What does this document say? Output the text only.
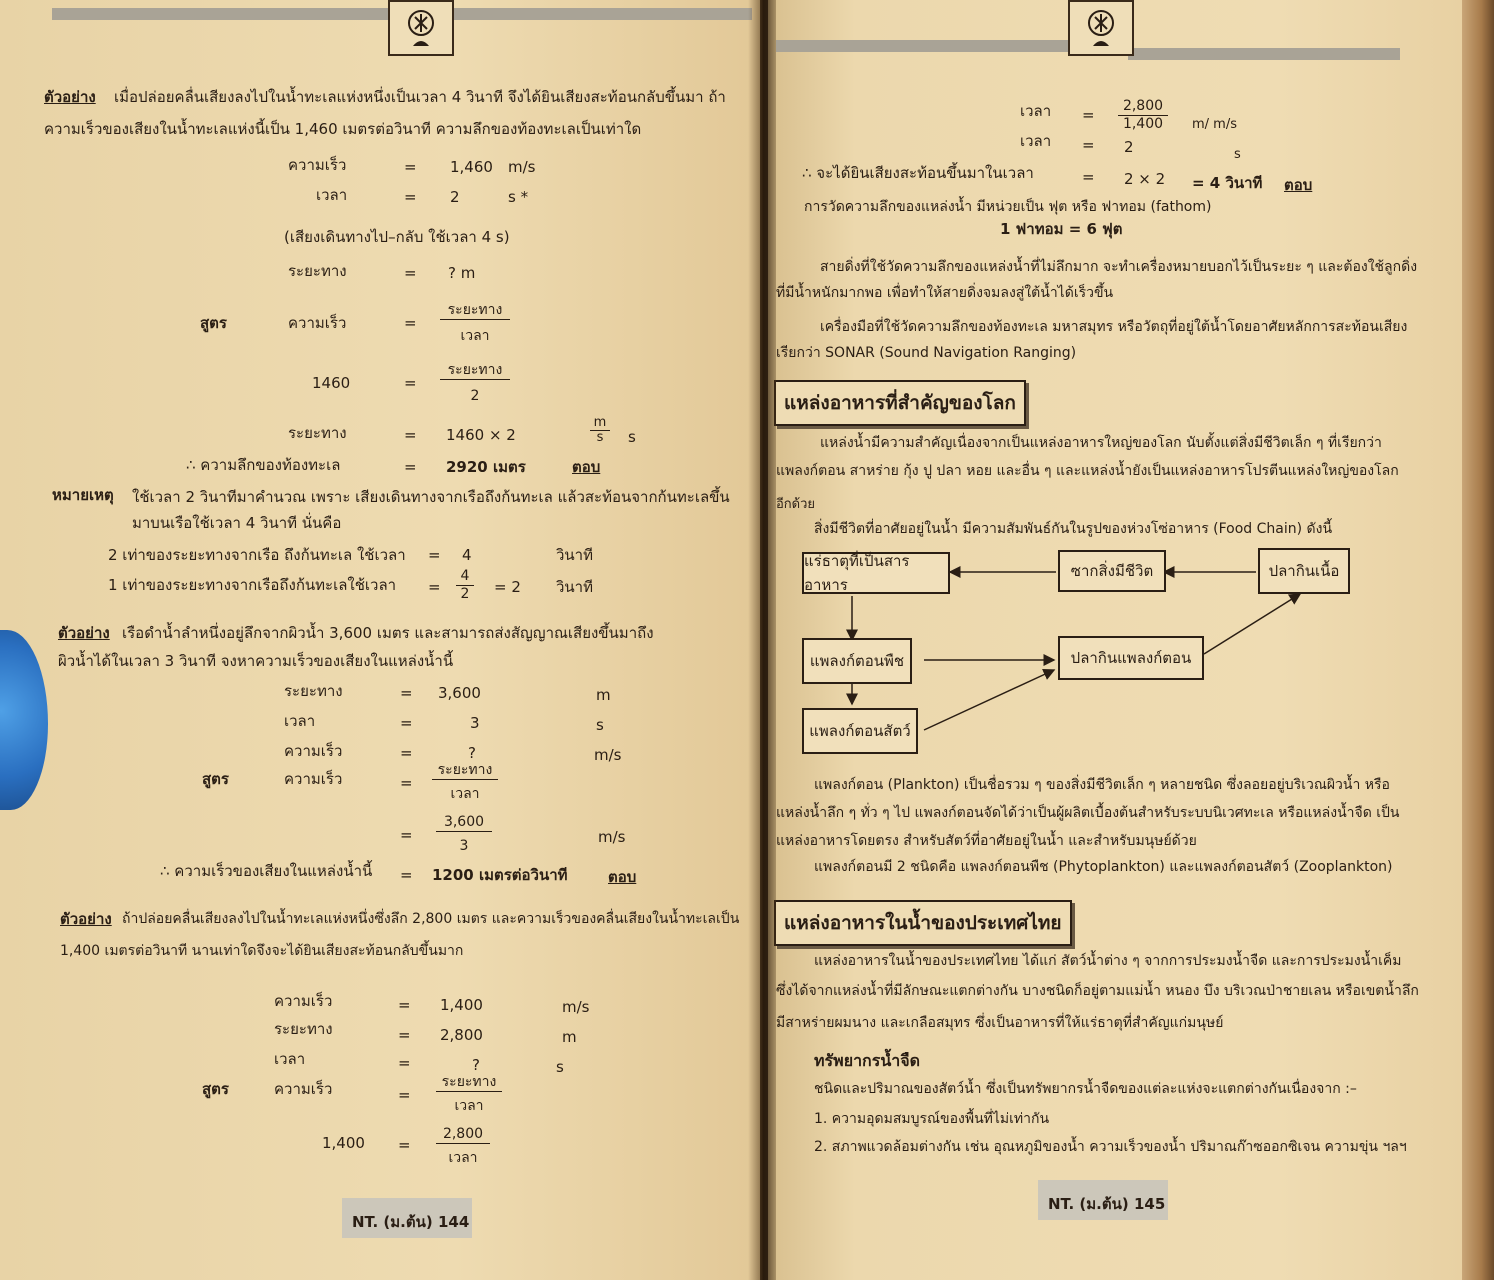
ตัวอย่าง เมื่อปล่อยคลื่นเสียงลงไปในน้ำทะเลแห่งหนึ่งเป็นเวลา 4 วินาที จึงได้ยินเสียงสะท้อนกลับขึ้นมา ถ้า
ความเร็วของเสียงในน้ำทะเลแห่งนี้เป็น 1,460 เมตรต่อวินาที ความลึกของท้องทะเลเป็นเท่าใด
ความเร็ว	= 1,460 m/s
เวลา	= 2	s *
(เสียงเดินทางไป–กลับ ใช้เวลา 4 s)
ระยะทาง	= ? m
สูตร	ความเร็ว	=
ระยะทาง
เวลา
1460	=
ระยะทาง
2
ระยะทาง	= 1460 × 2	$\frac{m}{s}$ s
∴ ความลึกของท้องทะเล	= 2920 เมตร	ตอบ
หมายเหตุ ใช้เวลา 2 วินาทีมาคำนวณ เพราะ เสียงเดินทางจากเรือถึงก้นทะเล แล้วสะท้อนจากก้นทะเลขึ้น
มาบนเรือใช้เวลา 4 วินาที นั่นคือ
2 เท่าของระยะทางจากเรือ ถึงก้นทะเล ใช้เวลา = 4	วินาที
1 เท่าของระยะทางจากเรือถึงก้นทะเลใช้เวลา = $\frac{4}{2} = 2$ วินาที
ตัวอย่าง เรือดำน้ำลำหนึ่งอยู่ลึกจากผิวน้ำ 3,600 เมตร และสามารถส่งสัญญาณเสียงขึ้นมาถึง
ผิวน้ำได้ในเวลา 3 วินาที จงหาความเร็วของเสียงในแหล่งน้ำนี้
ระยะทาง	= 3,600	m
เวลา	=	3	s
ความเร็ว	=	?	m/s
สูตร	ความเร็ว	=
ระยะทาง
เวลา
= $\frac{3,600}{3}$	m/s
∴ ความเร็วของเสียงในแหล่งน้ำนี้ = 1200 เมตรต่อวินาที	ตอบ
ตัวอย่าง ถ้าปล่อยคลื่นเสียงลงไปในน้ำทะเลแห่งหนึ่งซึ่งลึก 2,800 เมตร และความเร็วของคลื่นเสียงในน้ำทะเลเป็น
1,400 เมตรต่อวินาที นานเท่าใดจึงจะได้ยินเสียงสะท้อนกลับขึ้นมาก
ความเร็ว	= 1,400	m/s
ระยะทาง	= 2,800	m
เวลา	=	?	s
สูตร	ความเร็ว	=
ระยะทาง
เวลา
1,400 =
2,800
เวลา
NT. (ม.ต้น) 144
เวลา = $\frac{2,800}{1,400} m/$ m/s
เวลา = 2	s
∴ จะได้ยินเสียงสะท้อนขึ้นมาในเวลา	= 2 × 2 = 4 วินาที ตอบ
การวัดความลึกของแหล่งน้ำ มีหน่วยเป็น ฟุต หรือ ฟาทอม (fathom)
1 ฟาทอม = 6 ฟุต
สายดิ่งที่ใช้วัดความลึกของแหล่งน้ำที่ไม่ลึกมาก จะทำเครื่องหมายบอกไว้เป็นระยะ ๆ และต้องใช้ลูกดิ่ง
ที่มีน้ำหนักมากพอ เพื่อทำให้สายดิ่งจมลงสู่ใต้น้ำได้เร็วขึ้น
เครื่องมือที่ใช้วัดความลึกของท้องทะเล มหาสมุทร หรือวัตถุที่อยู่ใต้น้ำโดยอาศัยหลักการสะท้อนเสียง
เรียกว่า SONAR (Sound Navigation Ranging)
แหล่งอาหารที่สำคัญของโลก
แหล่งน้ำมีความสำคัญเนื่องจากเป็นแหล่งอาหารใหญ่ของโลก นับตั้งแต่สิ่งมีชีวิตเล็ก ๆ ที่เรียกว่า
แพลงก์ตอน สาหร่าย กุ้ง ปู ปลา หอย และอื่น ๆ และแหล่งน้ำยังเป็นแหล่งอาหารโปรตีนแหล่งใหญ่ของโลก
อีกด้วย
สิ่งมีชีวิตที่อาศัยอยู่ในน้ำ มีความสัมพันธ์กันในรูปของห่วงโซ่อาหาร (Food Chain) ดังนี้
แร่ธาตุที่เป็นสารอาหาร
ซากสิ่งมีชีวิต	ปลากินเนื้อ
แพลงก์ตอนพืช	ปลากินแพลงก์ตอน
แพลงก์ตอนสัตว์
แพลงก์ตอน (Plankton) เป็นชื่อรวม ๆ ของสิ่งมีชีวิตเล็ก ๆ หลายชนิด ซึ่งลอยอยู่บริเวณผิวน้ำ หรือ
แหล่งน้ำลึก ๆ ทั่ว ๆ ไป แพลงก์ตอนจัดได้ว่าเป็นผู้ผลิตเบื้องต้นสำหรับระบบนิเวศทะเล หรือแหล่งน้ำจืด เป็น
แหล่งอาหารโดยตรง สำหรับสัตว์ที่อาศัยอยู่ในน้ำ และสำหรับมนุษย์ด้วย
แพลงก์ตอนมี 2 ชนิดคือ แพลงก์ตอนพืช (Phytoplankton) และแพลงก์ตอนสัตว์ (Zooplankton)
แหล่งอาหารในน้ำของประเทศไทย
แหล่งอาหารในน้ำของประเทศไทย ได้แก่ สัตว์น้ำต่าง ๆ จากการประมงน้ำจืด และการประมงน้ำเค็ม
ซึ่งได้จากแหล่งน้ำที่มีลักษณะแตกต่างกัน บางชนิดก็อยู่ตามแม่น้ำ หนอง บึง บริเวณป่าชายเลน หรือเขตน้ำลึก
มีสาหร่ายผมนาง และเกลือสมุทร ซึ่งเป็นอาหารที่ให้แร่ธาตุที่สำคัญแก่มนุษย์
ทรัพยากรน้ำจืด
ชนิดและปริมาณของสัตว์น้ำ ซึ่งเป็นทรัพยากรน้ำจืดของแต่ละแห่งจะแตกต่างกันเนื่องจาก :–
1. ความอุดมสมบูรณ์ของพื้นที่ไม่เท่ากัน
2. สภาพแวดล้อมต่างกัน เช่น อุณหภูมิของน้ำ ความเร็วของน้ำ ปริมาณก๊าซออกซิเจน ความขุ่น ฯลฯ
NT. (ม.ต้น) 145
